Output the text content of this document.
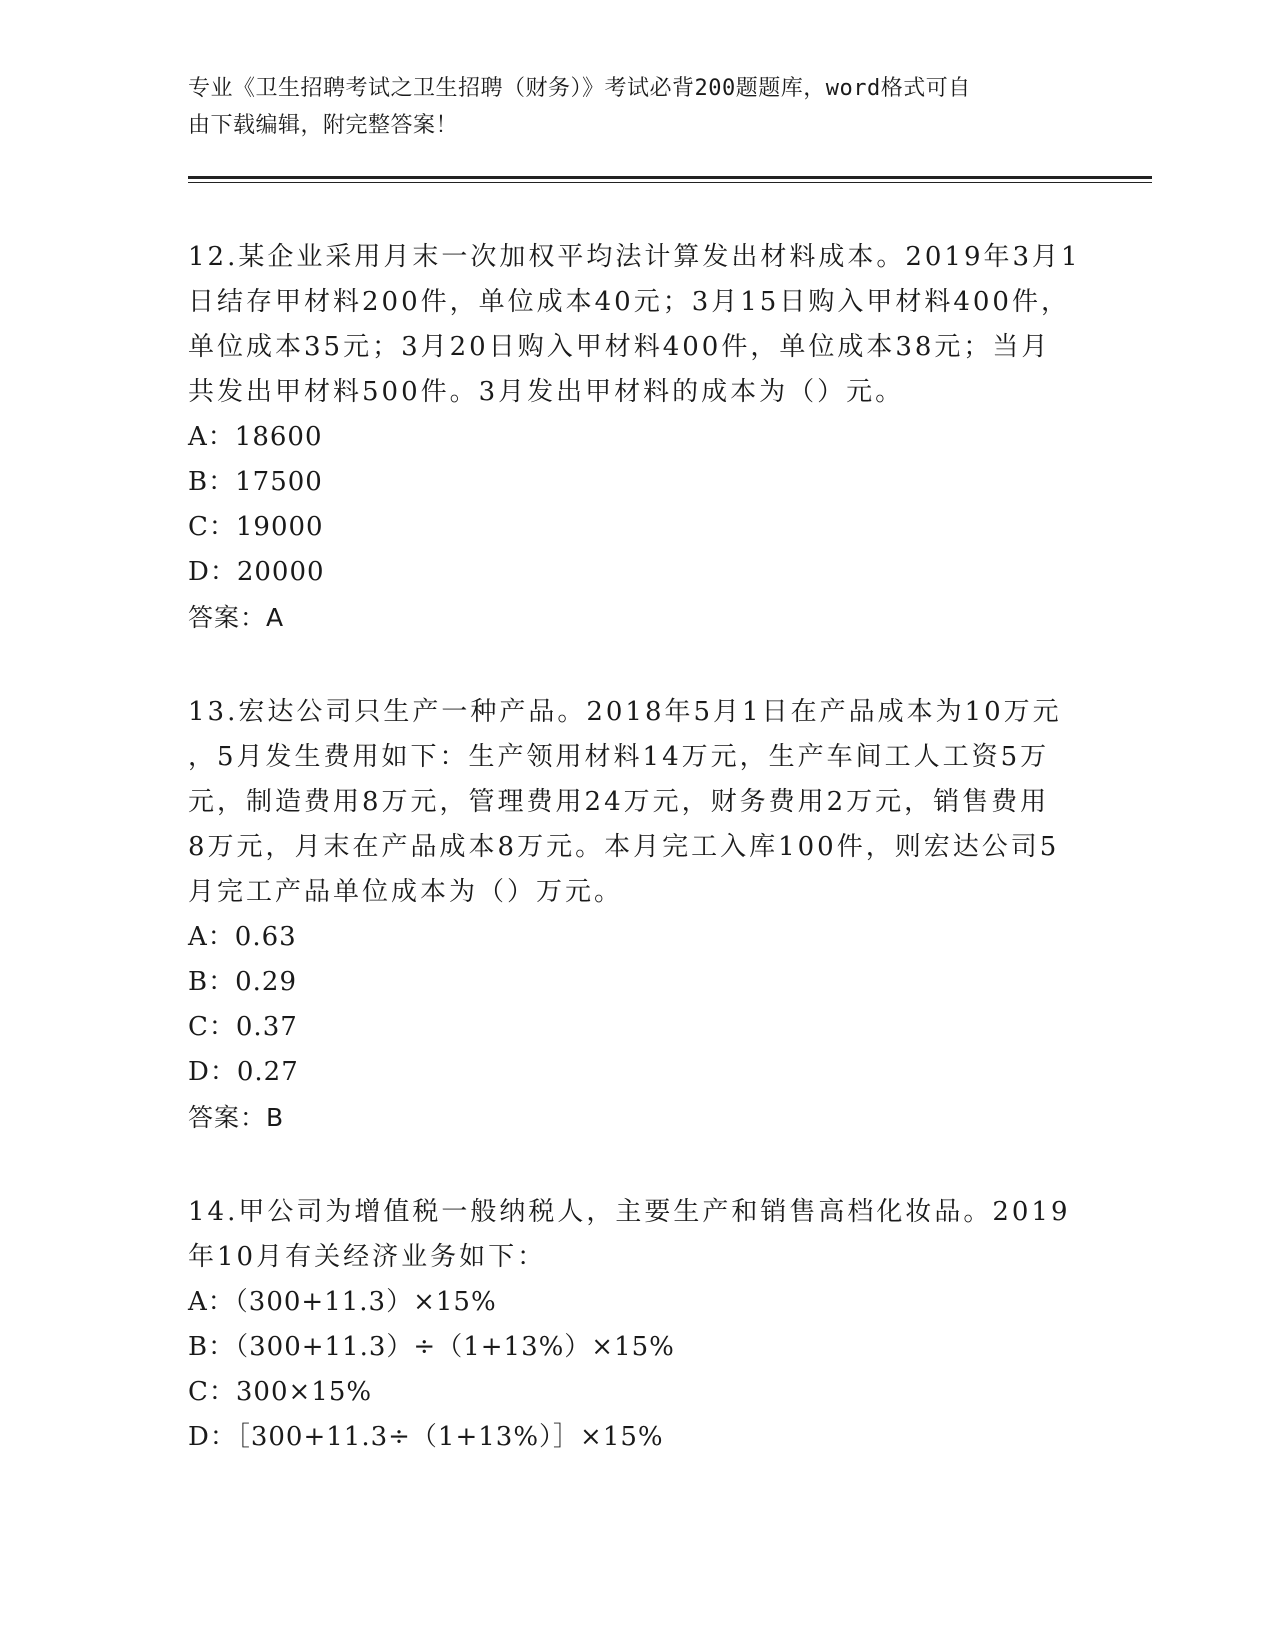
专业《卫生招聘考试之卫生招聘（财务）》考试必背200题题库，word格式可自
由下载编辑，附完整答案！
12.某企业采用月末一次加权平均法计算发出材料成本。2019年3月1
日结存甲材料200件，单位成本40元；3月15日购入甲材料400件，
单位成本35元；3月20日购入甲材料400件，单位成本38元；当月
共发出甲材料500件。3月发出甲材料的成本为（）元。
A：18600
B：17500
C：19000
D：20000
答案：A
13.宏达公司只生产一种产品。2018年5月1日在产品成本为10万元
，5月发生费用如下：生产领用材料14万元，生产车间工人工资5万
元，制造费用8万元，管理费用24万元，财务费用2万元，销售费用
8万元，月末在产品成本8万元。本月完工入库100件，则宏达公司5
月完工产品单位成本为（）万元。
A：0.63
B：0.29
C：0.37
D：0.27
答案：B
14.甲公司为增值税一般纳税人，主要生产和销售高档化妆品。2019
年10月有关经济业务如下：
A：（300+11.3）×15%
B：（300+11.3）÷（1+13%）×15%
C：300×15%
D：［300+11.3÷（1+13%）］×15%
